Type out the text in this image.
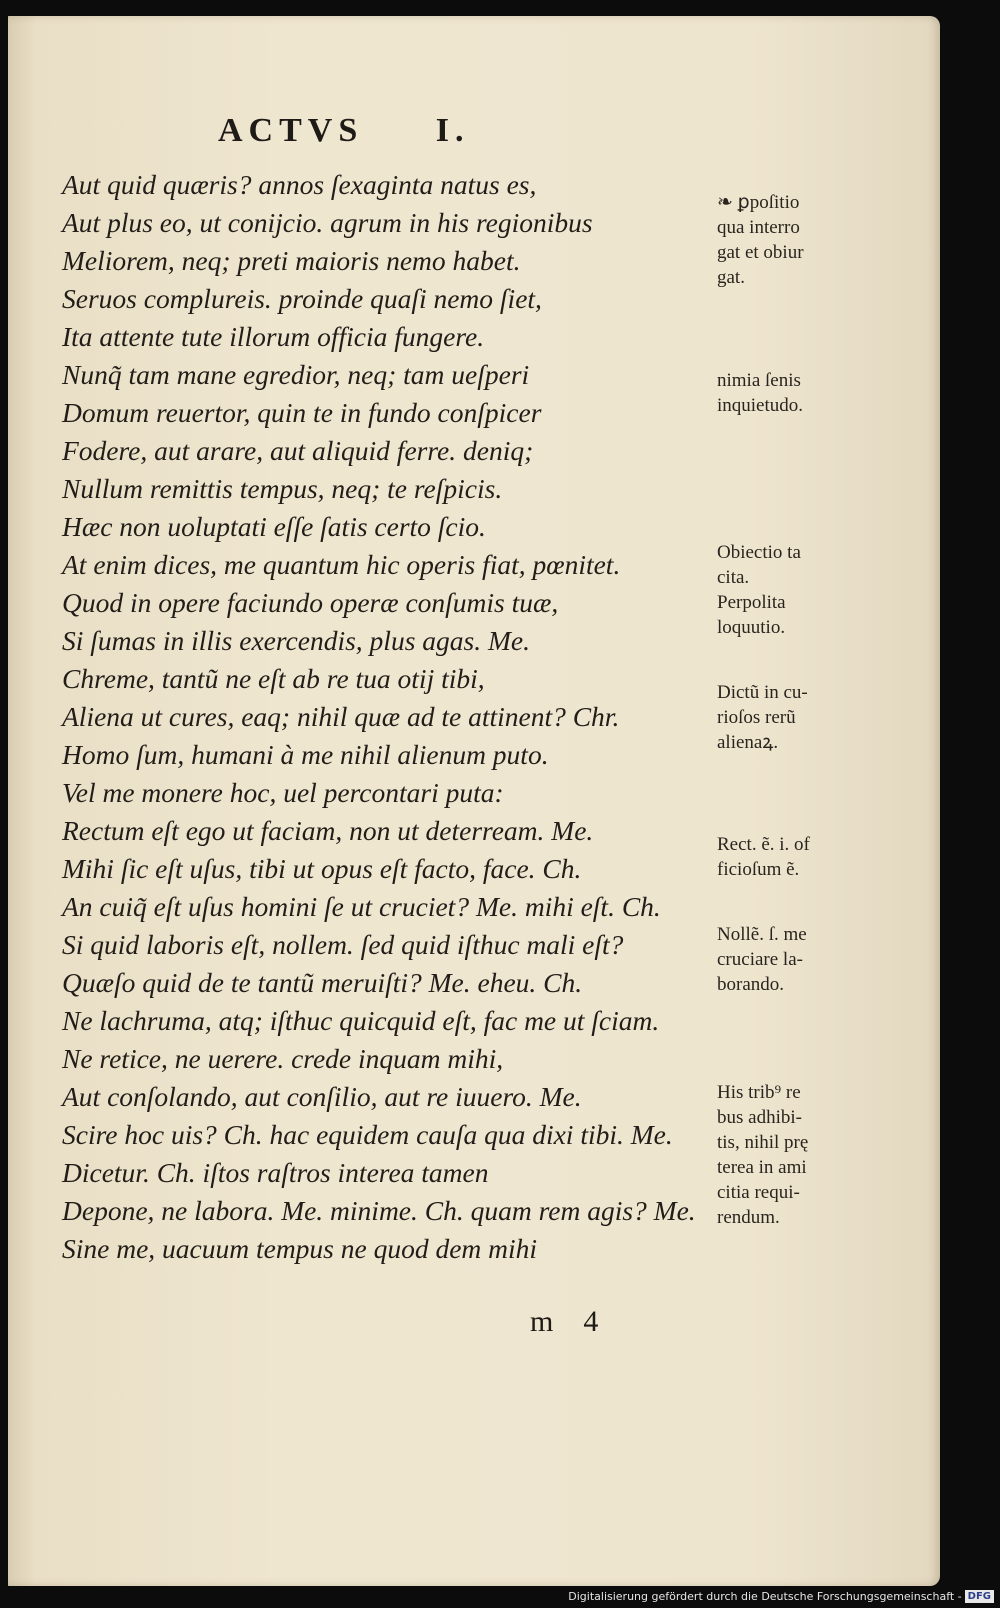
ACTVS     I.
Aut quid quæris? annos ſexaginta natus es,
Aut plus eo, ut conijcio. agrum in his regionibus
Meliorem, neq; preti maioris nemo habet.
Seruos complureis. proinde quaſi nemo ſiet,
Ita attente tute illorum officia fungere.
Nunq̃ tam mane egredior, neq; tam ueſperi
Domum reuertor, quin te in fundo conſpicer
Fodere, aut arare, aut aliquid ferre. deniq;
Nullum remittis tempus, neq; te reſpicis.
Hæc non uoluptati eſſe ſatis certo ſcio.
At enim dices, me quantum hic operis fiat, pœnitet.
Quod in opere faciundo operæ conſumis tuæ,
Si ſumas in illis exercendis, plus agas. Me.
Chreme, tantũ ne eſt ab re tua otij tibi,
Aliena ut cures, eaq; nihil quæ ad te attinent? Chr.
Homo ſum, humani à me nihil alienum puto.
Vel me monere hoc, uel percontari puta:
Rectum eſt ego ut faciam, non ut deterream. Me.
Mihi ſic eſt uſus, tibi ut opus eſt facto, face. Ch.
An cuiq̃ eſt uſus homini ſe ut cruciet? Me. mihi eſt. Ch.
Si quid laboris eſt, nollem. ſed quid iſthuc mali eſt?
Quæſo quid de te tantũ meruiſti? Me. eheu. Ch.
Ne lachruma, atq; iſthuc quicquid eſt, fac me ut ſciam.
Ne retice, ne uerere. crede inquam mihi,
Aut conſolando, aut conſilio, aut re iuuero. Me.
Scire hoc uis? Ch. hac equidem cauſa qua dixi tibi. Me.
Dicetur. Ch. iſtos raſtros interea tamen
Depone, ne labora. Me. minime. Ch. quam rem agis? Me.
Sine me, uacuum tempus ne quod dem mihi
❧ ꝑpoſitio
qua interro
gat et obiur
gat.
nimia ſenis
inquietudo.
Obiectio ta
cita.
Perpolita
loquutio.
Dictũ in cu-
rioſos rerũ
alienaꝝ.
Rect. ẽ. i. of
ficioſum ẽ.
Nollẽ. ſ. me
cruciare la-
borando.
His trib⁹ re
bus adhibi-
tis, nihil prę
terea in ami
citia requi-
rendum.
m    4
Digitalisierung gefördert durch die Deutsche Forschungsgemeinschaft - DFG
